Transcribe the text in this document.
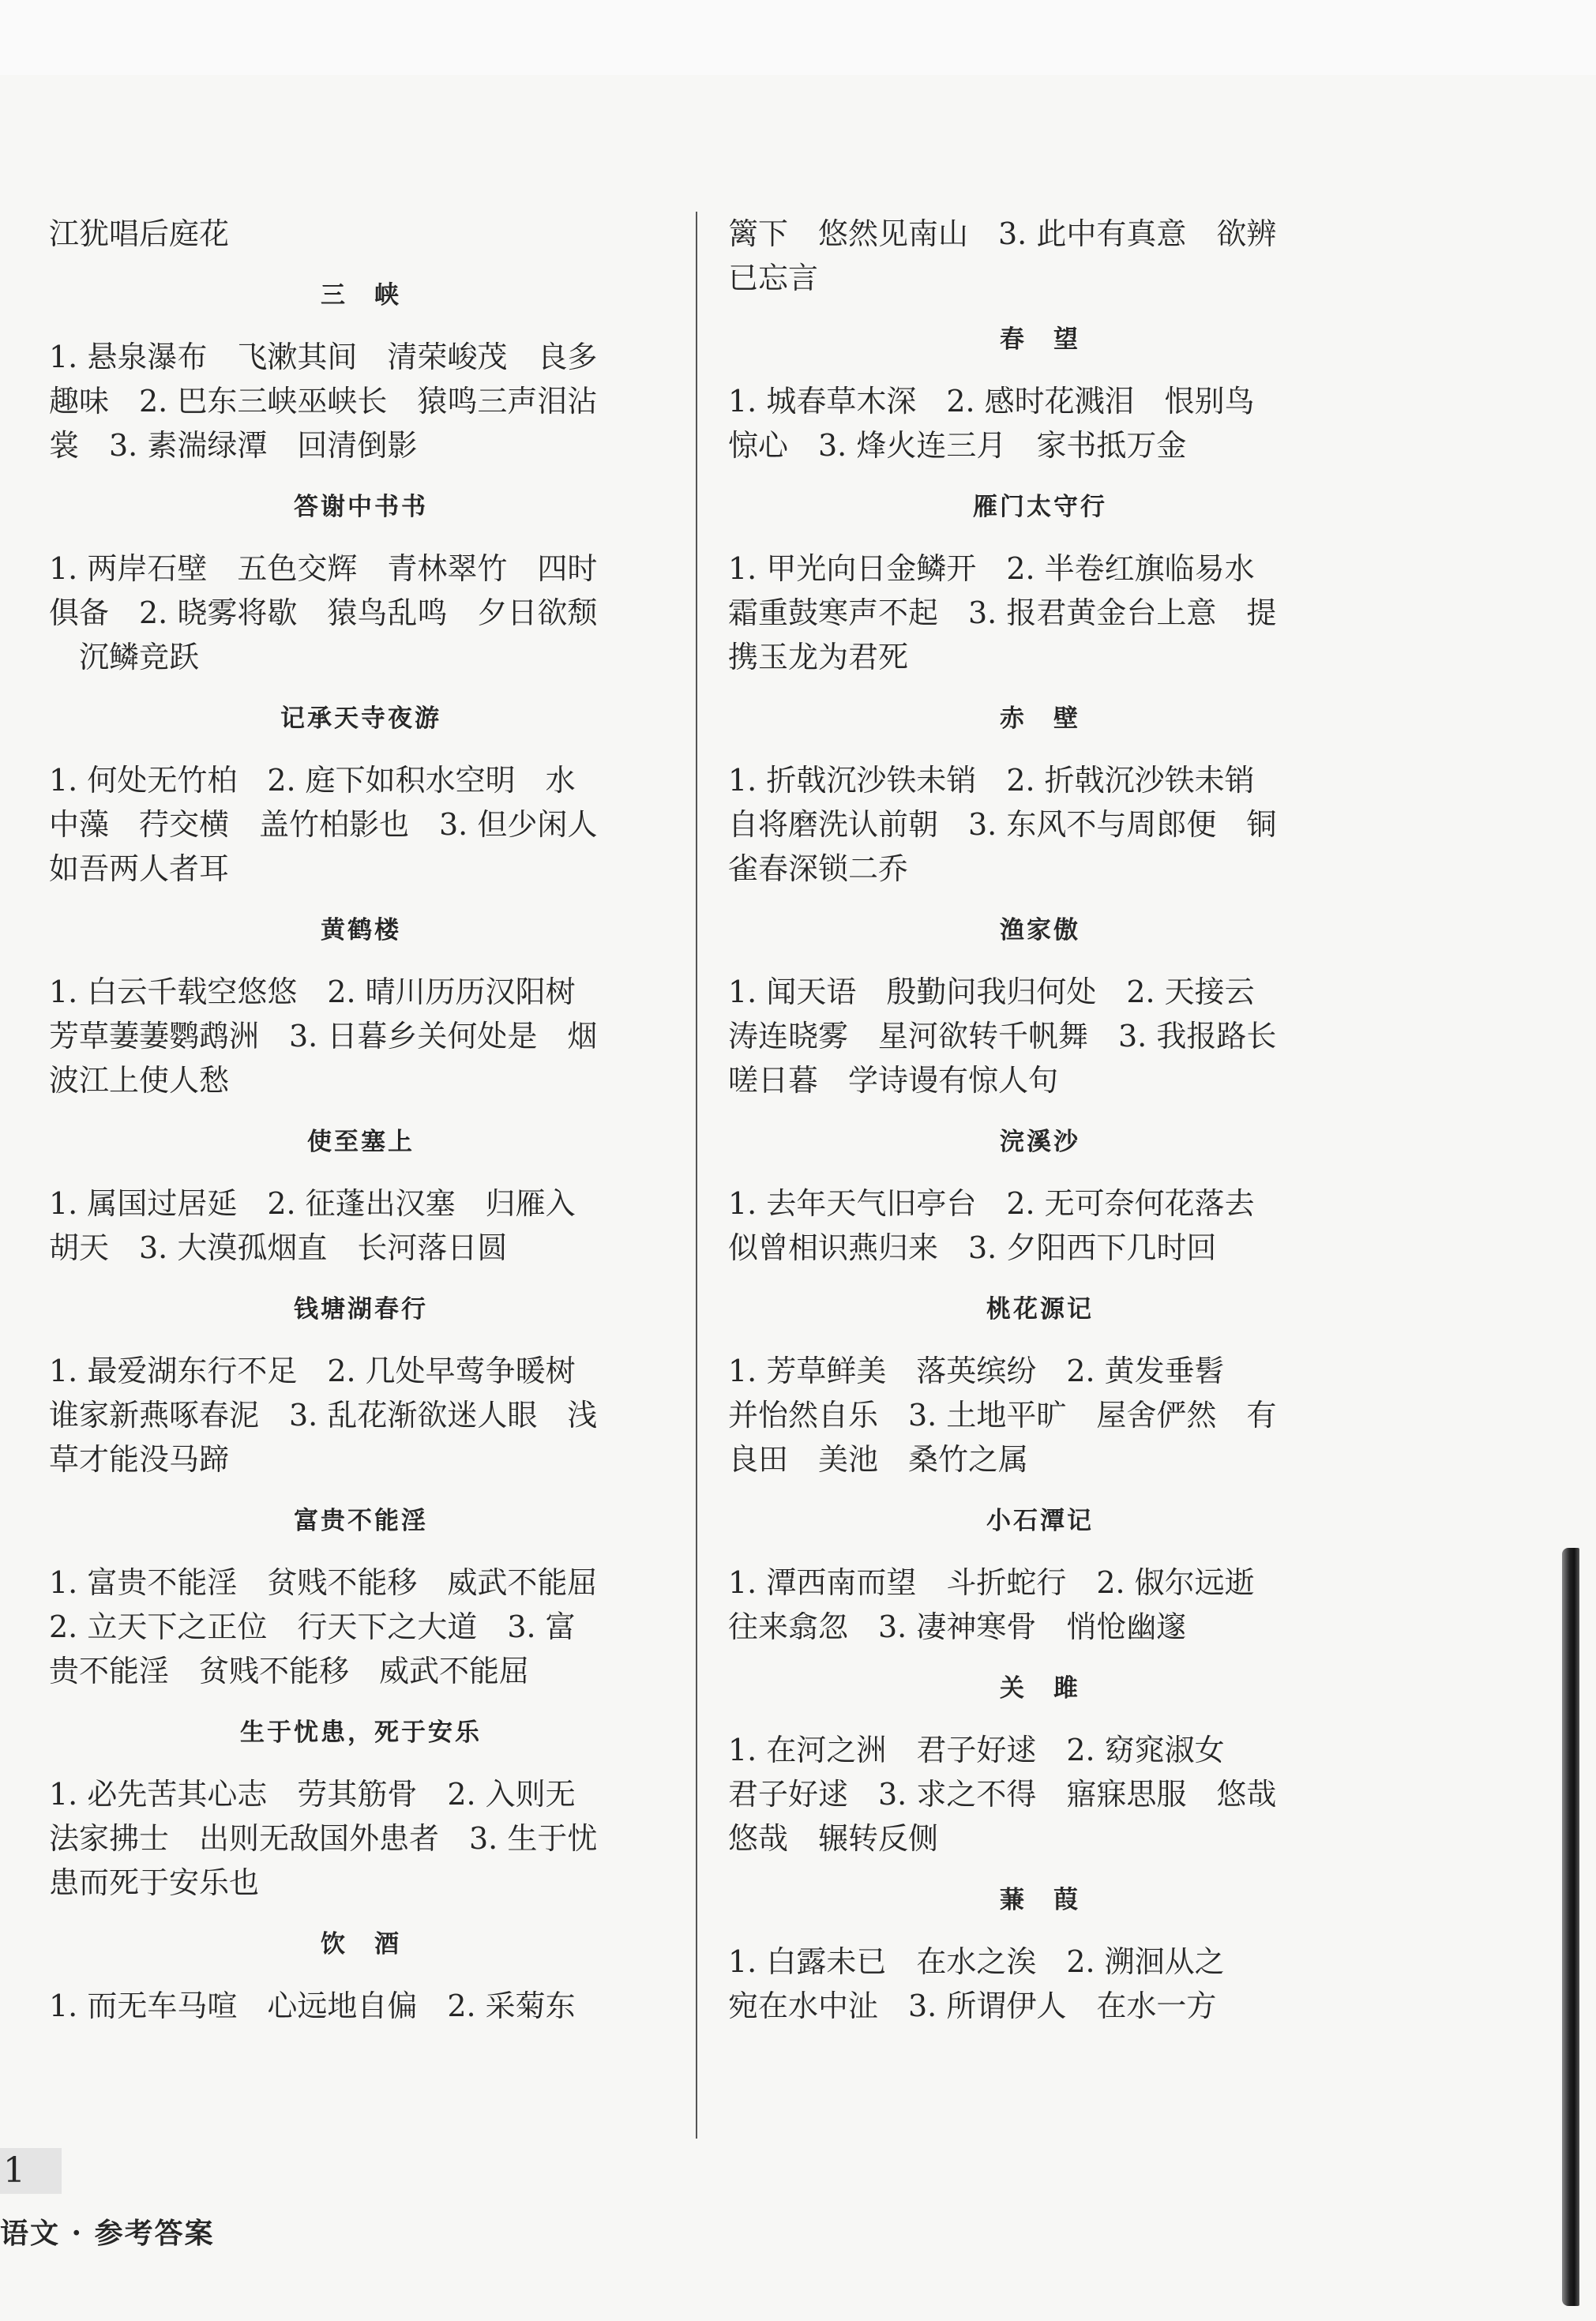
江犹唱后庭花
三　峡
1. 悬泉瀑布　飞漱其间　清荣峻茂　良多
趣味　2. 巴东三峡巫峡长　猿鸣三声泪沾
裳　3. 素湍绿潭　回清倒影
答谢中书书
1. 两岸石壁　五色交辉　青林翠竹　四时
俱备　2. 晓雾将歇　猿鸟乱鸣　夕日欲颓
　沉鳞竞跃
记承天寺夜游
1. 何处无竹柏　2. 庭下如积水空明　水
中藻　荇交横　盖竹柏影也　3. 但少闲人
如吾两人者耳
黄鹤楼
1. 白云千载空悠悠　2. 晴川历历汉阳树
芳草萋萋鹦鹉洲　3. 日暮乡关何处是　烟
波江上使人愁
使至塞上
1. 属国过居延　2. 征蓬出汉塞　归雁入
胡天　3. 大漠孤烟直　长河落日圆
钱塘湖春行
1. 最爱湖东行不足　2. 几处早莺争暖树
谁家新燕啄春泥　3. 乱花渐欲迷人眼　浅
草才能没马蹄
富贵不能淫
1. 富贵不能淫　贫贱不能移　威武不能屈
2. 立天下之正位　行天下之大道　3. 富
贵不能淫　贫贱不能移　威武不能屈
生于忧患，死于安乐
1. 必先苦其心志　劳其筋骨　2. 入则无
法家拂士　出则无敌国外患者　3. 生于忧
患而死于安乐也
饮　酒
1. 而无车马喧　心远地自偏　2. 采菊东
篱下　悠然见南山　3. 此中有真意　欲辨
已忘言
春　望
1. 城春草木深　2. 感时花溅泪　恨别鸟
惊心　3. 烽火连三月　家书抵万金
雁门太守行
1. 甲光向日金鳞开　2. 半卷红旗临易水
霜重鼓寒声不起　3. 报君黄金台上意　提
携玉龙为君死
赤　壁
1. 折戟沉沙铁未销　2. 折戟沉沙铁未销
自将磨洗认前朝　3. 东风不与周郎便　铜
雀春深锁二乔
渔家傲
1. 闻天语　殷勤问我归何处　2. 天接云
涛连晓雾　星河欲转千帆舞　3. 我报路长
嗟日暮　学诗谩有惊人句
浣溪沙
1. 去年天气旧亭台　2. 无可奈何花落去
似曾相识燕归来　3. 夕阳西下几时回
桃花源记
1. 芳草鲜美　落英缤纷　2. 黄发垂髫
并怡然自乐　3. 土地平旷　屋舍俨然　有
良田　美池　桑竹之属
小石潭记
1. 潭西南而望　斗折蛇行　2. 俶尔远逝
往来翕忽　3. 凄神寒骨　悄怆幽邃
关　雎
1. 在河之洲　君子好逑　2. 窈窕淑女
君子好逑　3. 求之不得　寤寐思服　悠哉
悠哉　辗转反侧
蒹　葭
1. 白露未已　在水之涘　2. 溯洄从之
宛在水中沚　3. 所谓伊人　在水一方
1
语文 · 参考答案
